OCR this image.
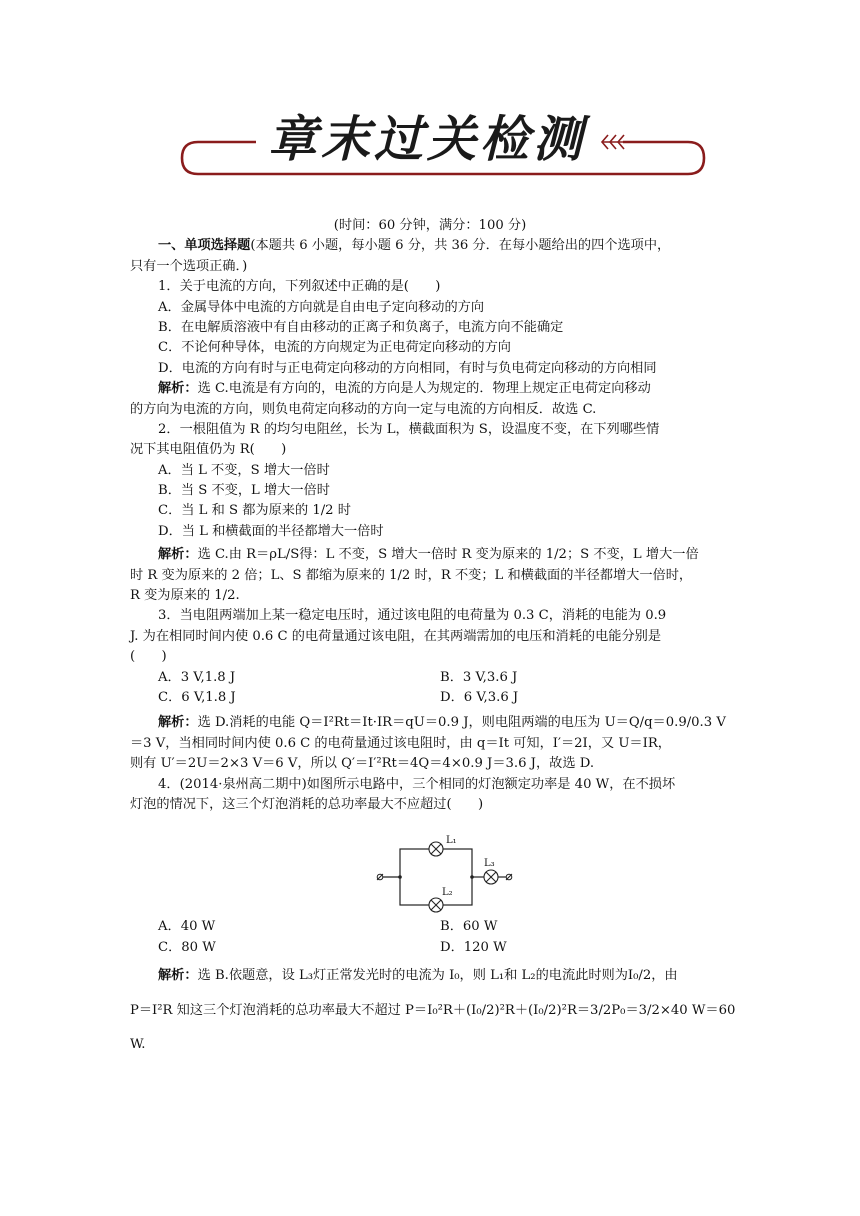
章末过关检测
(时间：60 分钟，满分：100 分)
一、单项选择题(本题共 6 小题，每小题 6 分，共 36 分．在每小题给出的四个选项中，
只有一个选项正确．)
1．关于电流的方向，下列叙述中正确的是(　　)
A．金属导体中电流的方向就是自由电子定向移动的方向
B．在电解质溶液中有自由移动的正离子和负离子，电流方向不能确定
C．不论何种导体，电流的方向规定为正电荷定向移动的方向
D．电流的方向有时与正电荷定向移动的方向相同，有时与负电荷定向移动的方向相同
解析：选 C.电流是有方向的，电流的方向是人为规定的．物理上规定正电荷定向移动
的方向为电流的方向，则负电荷定向移动的方向一定与电流的方向相反．故选 C.
2．一根阻值为 R 的均匀电阻丝，长为 L，横截面积为 S，设温度不变，在下列哪些情
况下其电阻值仍为 R(　　)
A．当 L 不变，S 增大一倍时
B．当 S 不变，L 增大一倍时
C．当 L 和 S 都为原来的 1/2 时
D．当 L 和横截面的半径都增大一倍时
解析：选 C.由 R＝ρL/S得：L 不变，S 增大一倍时 R 变为原来的 1/2；S 不变，L 增大一倍
时 R 变为原来的 2 倍；L、S 都缩为原来的 1/2 时，R 不变；L 和横截面的半径都增大一倍时，
R 变为原来的 1/2.
3．当电阻两端加上某一稳定电压时，通过该电阻的电荷量为 0.3 C，消耗的电能为 0.9
J. 为在相同时间内使 0.6 C 的电荷量通过该电阻，在其两端需加的电压和消耗的电能分别是
(　　)
A．3 V,1.8 J	B．3 V,3.6 J
C．6 V,1.8 J	D．6 V,3.6 J
解析：选 D.消耗的电能 Q＝I²Rt＝It·IR＝qU＝0.9 J，则电阻两端的电压为 U＝Q/q＝0.9/0.3 V
＝3 V，当相同时间内使 0.6 C 的电荷量通过该电阻时，由 q＝It 可知，I′＝2I，又 U＝IR，
则有 U′＝2U＝2×3 V＝6 V，所以 Q′＝I′²Rt＝4Q＝4×0.9 J＝3.6 J，故选 D.
4．(2014·泉州高二期中)如图所示电路中，三个相同的灯泡额定功率是 40 W，在不损坏
灯泡的情况下，这三个灯泡消耗的总功率最大不应超过(　　)
L₁
L₂
L₃
A．40 W	B．60 W
C．80 W	D．120 W
解析：选 B.依题意，设 L₃灯正常发光时的电流为 I₀，则 L₁和 L₂的电流此时则为I₀/2，由
P＝I²R 知这三个灯泡消耗的总功率最大不超过 P＝I₀²R＋(I₀/2)²R＋(I₀/2)²R＝3/2P₀＝3/2×40 W＝60
W.
